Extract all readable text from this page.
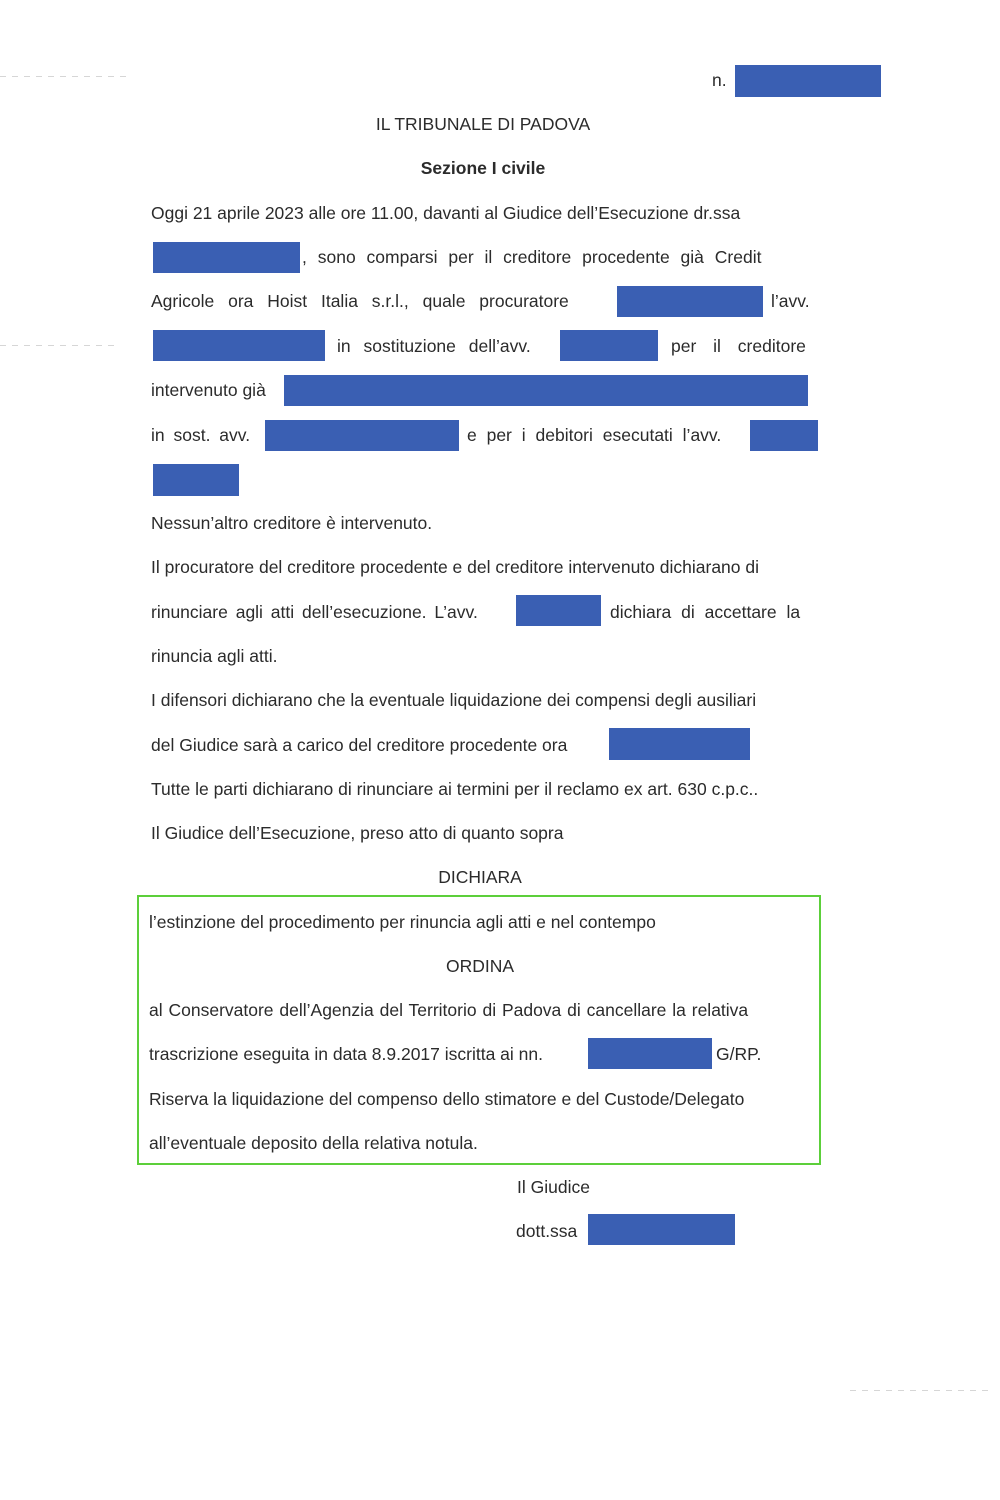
n.
IL TRIBUNALE DI PADOVA
Sezione I civile
Oggi 21 aprile 2023 alle ore 11.00, davanti al Giudice dell’Esecuzione dr.ssa
, sono comparsi per il creditore procedente già Credit
Agricole ora Hoist Italia s.r.l., quale procuratore	l’avv.
in sostituzione dell’avv.	per il creditore
intervenuto già
in sost. avv.	e per i debitori esecutati l’avv.
Nessun’altro creditore è intervenuto.
Il procuratore del creditore procedente e del creditore intervenuto dichiarano di
rinunciare agli atti dell’esecuzione. L’avv.	dichiara di accettare la
rinuncia agli atti.
I difensori dichiarano che la eventuale liquidazione dei compensi degli ausiliari
del Giudice sarà a carico del creditore procedente ora
Tutte le parti dichiarano di rinunciare ai termini per il reclamo ex art. 630 c.p.c..
Il Giudice dell’Esecuzione, preso atto di quanto sopra
DICHIARA
l’estinzione del procedimento per rinuncia agli atti e nel contempo
ORDINA
al Conservatore dell’Agenzia del Territorio di Padova di cancellare la relativa
trascrizione eseguita in data 8.9.2017 iscritta ai nn.	G/RP.
Riserva la liquidazione del compenso dello stimatore e del Custode/Delegato
all’eventuale deposito della relativa notula.
Il Giudice
dott.ssa
